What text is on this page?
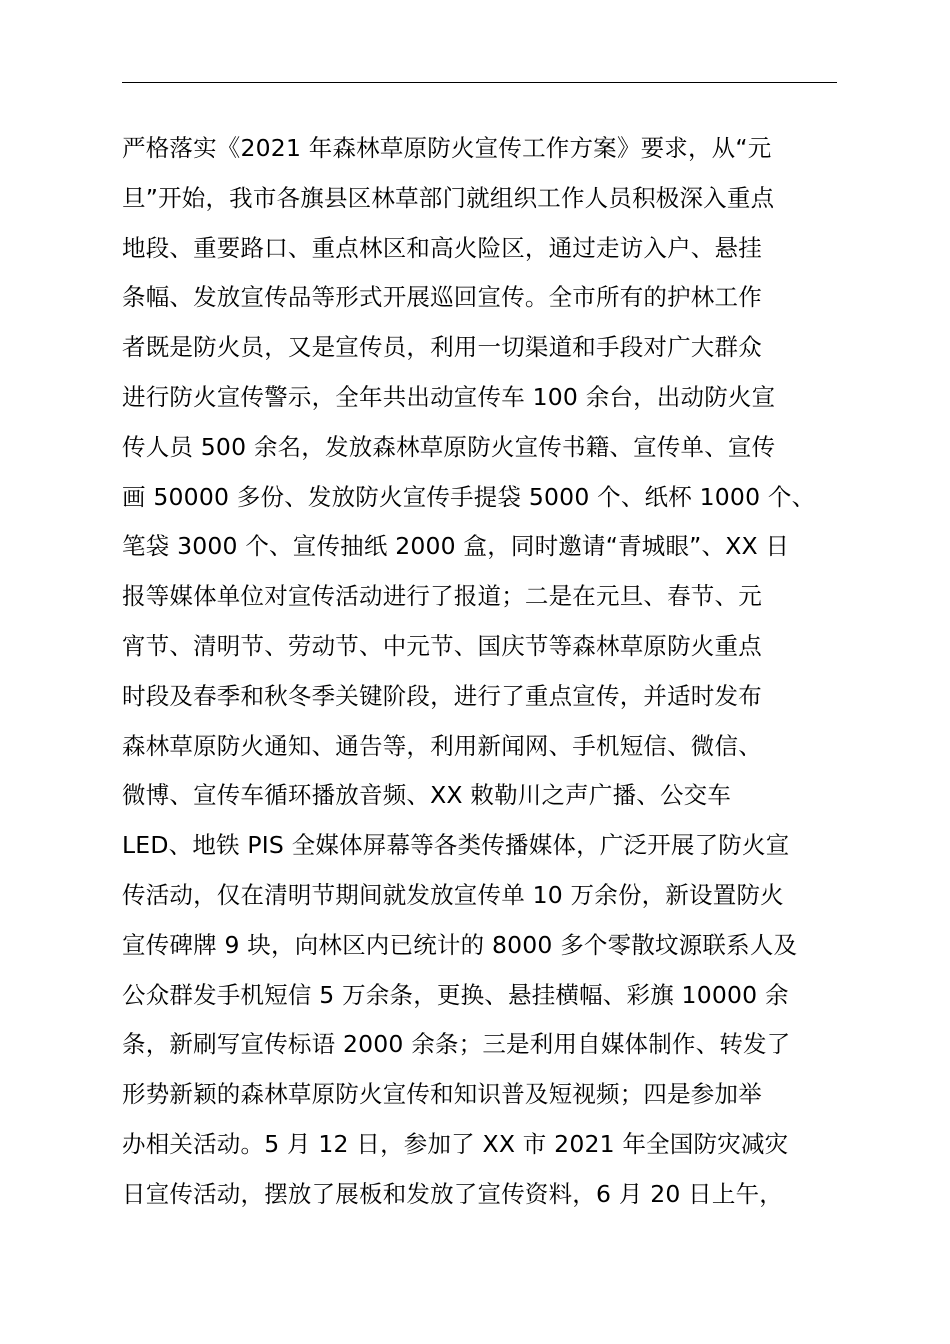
严格落实《2021 年森林草原防火宣传工作方案》要求，从“元
旦”开始，我市各旗县区林草部门就组织工作人员积极深入重点
地段、重要路口、重点林区和高火险区，通过走访入户、悬挂
条幅、发放宣传品等形式开展巡回宣传。全市所有的护林工作
者既是防火员，又是宣传员，利用一切渠道和手段对广大群众
进行防火宣传警示，全年共出动宣传车 100 余台，出动防火宣
传人员 500 余名，发放森林草原防火宣传书籍、宣传单、宣传
画 50000 多份、发放防火宣传手提袋 5000 个、纸杯 1000 个、
笔袋 3000 个、宣传抽纸 2000 盒，同时邀请“青城眼”、XX 日
报等媒体单位对宣传活动进行了报道；二是在元旦、春节、元
宵节、清明节、劳动节、中元节、国庆节等森林草原防火重点
时段及春季和秋冬季关键阶段，进行了重点宣传，并适时发布
森林草原防火通知、通告等，利用新闻网、手机短信、微信、
微博、宣传车循环播放音频、XX 敕勒川之声广播、公交车
LED、地铁 PIS 全媒体屏幕等各类传播媒体，广泛开展了防火宣
传活动，仅在清明节期间就发放宣传单 10 万余份，新设置防火
宣传碑牌 9 块，向林区内已统计的 8000 多个零散坟源联系人及
公众群发手机短信 5 万余条，更换、悬挂横幅、彩旗 10000 余
条，新刷写宣传标语 2000 余条；三是利用自媒体制作、转发了
形势新颖的森林草原防火宣传和知识普及短视频；四是参加举
办相关活动。5 月 12 日，参加了 XX 市 2021 年全国防灾减灾
日宣传活动，摆放了展板和发放了宣传资料，6 月 20 日上午，
